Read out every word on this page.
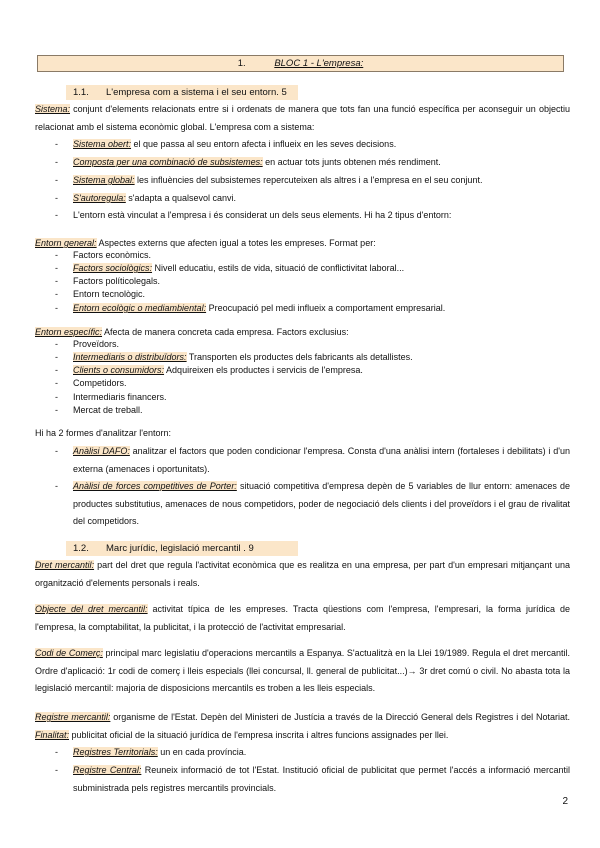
1.	BLOC 1 - L'empresa:
1.1. L'empresa com a sistema i el seu entorn. 5

Sistema: conjunt d'elements relacionats entre si i ordenats de manera que tots fan una funció específica per aconseguir un objectiu relacionat amb el sistema econòmic global. L'empresa com a sistema:

- Sistema obert: el que passa al seu entorn afecta i influeix en les seves decisions.

- Composta per una combinació de subsistemes: en actuar tots junts obtenen més rendiment.

- Sistema global: les influències del subsistemes repercuteixen als altres i a l'empresa en el seu conjunt.

- S'autoregula: s'adapta a qualsevol canvi.

- L'entorn està vinculat a l'empresa i és considerat un dels seus elements. Hi ha 2 tipus d'entorn:

Entorn general: Aspectes externs que afecten igual a totes les empreses. Format per:

- Factors econòmics.

- Factors sociològics: Nivell educatiu, estils de vida, situació de conflictivitat laboral...

- Factors políticolegals.

- Entorn tecnològic.

- Entorn ecològic o mediambiental: Preocupació pel medi influeix a comportament empresarial.

Entorn específic: Afecta de manera concreta cada empresa. Factors exclusius:

- Proveïdors.

- Intermediaris o distribuïdors: Transporten els productes dels fabricants als detallistes.

- Clients o consumidors: Adquireixen els productes i servicis de l'empresa.

- Competidors.

- Intermediaris financers.

- Mercat de treball.

Hi ha 2 formes d'analitzar l'entorn:

- Anàlisi DAFO: analitzar el factors que poden condicionar l'empresa. Consta d'una anàlisi intern (fortaleses i debilitats) i d'un externa (amenaces i oportunitats).

- Anàlisi de forces competitives de Porter: situació competitiva d'empresa depèn de 5 variables de llur entorn: amenaces de productes substitutius, amenaces de nous competidors, poder de negociació dels clients i del proveïdors i el grau de rivalitat del competidors.

1.2. Marc jurídic, legislació mercantil . 9

Dret mercantil: part del dret que regula l'activitat econòmica que es realitza en una empresa, per part d'un empresari mitjançant una organització d'elements personals i reals.

Objecte del dret mercantil: activitat típica de les empreses. Tracta qüestions com l'empresa, l'empresari, la forma jurídica de l'empresa, la comptabilitat, la publicitat, i la protecció de l'activitat empresarial.

Codi de Comerç: principal marc legislatiu d'operacions mercantils a Espanya. S'actualitzà en la Llei 19/1989. Regula el dret mercantil. Ordre d'aplicació: 1r codi de comerç i lleis especials (llei concursal, ll. general de publicitat...)→ 3r dret comú o civil. No abasta tota la legislació mercantil: majoria de disposicions mercantils es troben a les lleis especials.

Registre mercantil: organisme de l'Estat. Depèn del Ministeri de Justícia a través de la Direcció General dels Registres i del Notariat. Finalitat: publicitat oficial de la situació jurídica de l'empresa inscrita i altres funcions assignades per llei.

- Registres Territorials: un en cada província.

- Registre Central: Reuneix informació de tot l'Estat. Institució oficial de publicitat que permet l'accés a informació mercantil subministrada pels registres mercantils provincials.

2
